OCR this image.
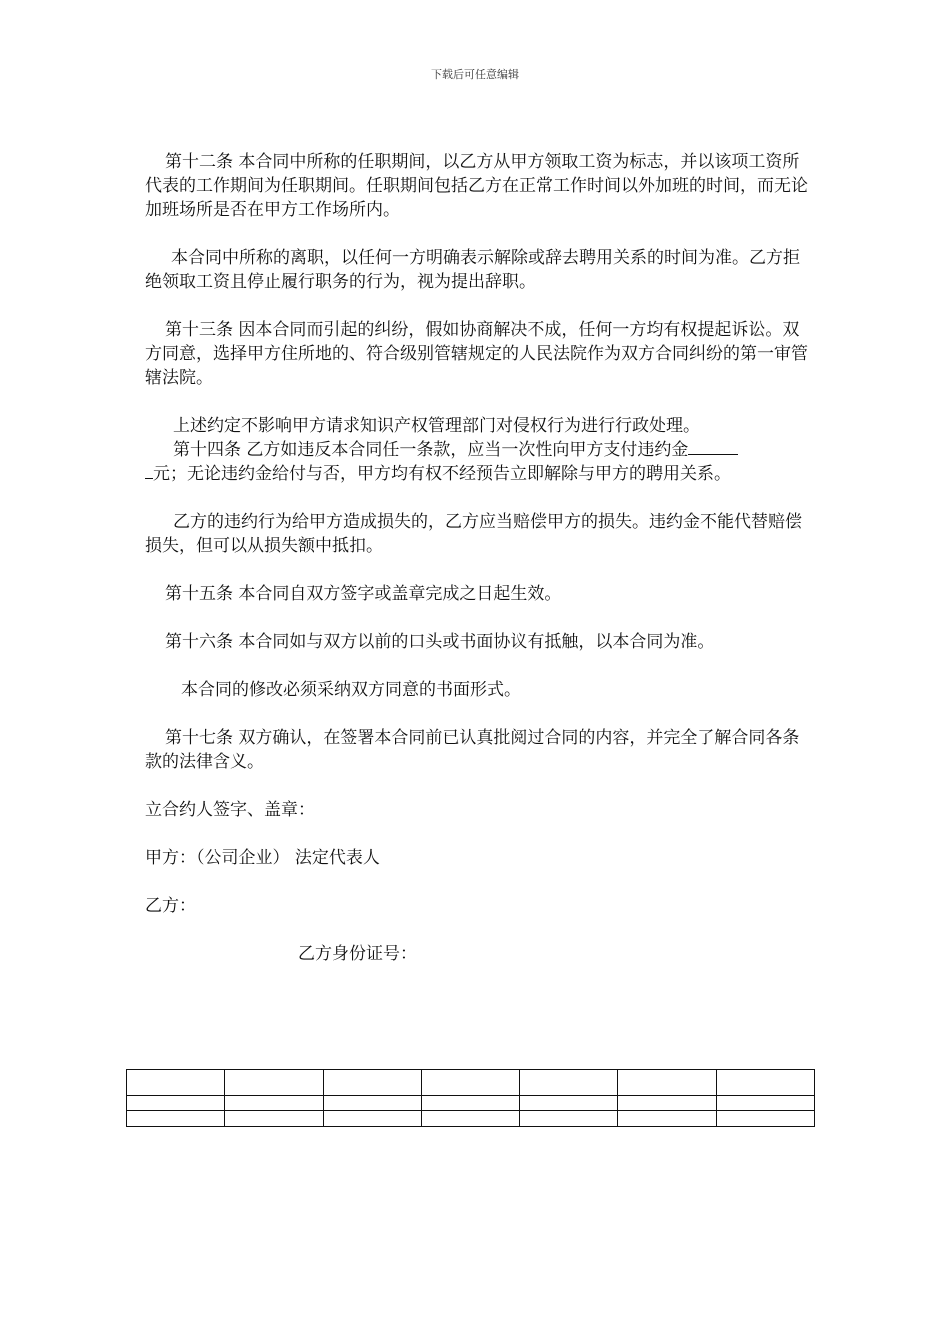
下载后可任意编辑

第十二条 本合同中所称的任职期间，以乙方从甲方领取工资为标志，并以该项工资所代表的工作期间为任职期间。任职期间包括乙方在正常工作时间以外加班的时间，而无论加班场所是否在甲方工作场所内。

本合同中所称的离职，以任何一方明确表示解除或辞去聘用关系的时间为准。乙方拒绝领取工资且停止履行职务的行为，视为提出辞职。

第十三条 因本合同而引起的纠纷，假如协商解决不成，任何一方均有权提起诉讼。双方同意，选择甲方住所地的、符合级别管辖规定的人民法院作为双方合同纠纷的第一审管辖法院。

上述约定不影响甲方请求知识产权管理部门对侵权行为进行行政处理。

第十四条 乙方如违反本合同任一条款，应当一次性向甲方支付违约金
元；无论违约金给付与否，甲方均有权不经预告立即解除与甲方的聘用关系。

乙方的违约行为给甲方造成损失的，乙方应当赔偿甲方的损失。违约金不能代替赔偿损失，但可以从损失额中抵扣。

第十五条 本合同自双方签字或盖章完成之日起生效。

第十六条 本合同如与双方以前的口头或书面协议有抵触，以本合同为准。

本合同的修改必须采纳双方同意的书面形式。

第十七条 双方确认，在签署本合同前已认真批阅过合同的内容，并完全了解合同各条款的法律含义。

立合约人签字、盖章：

甲方：（公司企业） 法定代表人

乙方：

乙方身份证号：
